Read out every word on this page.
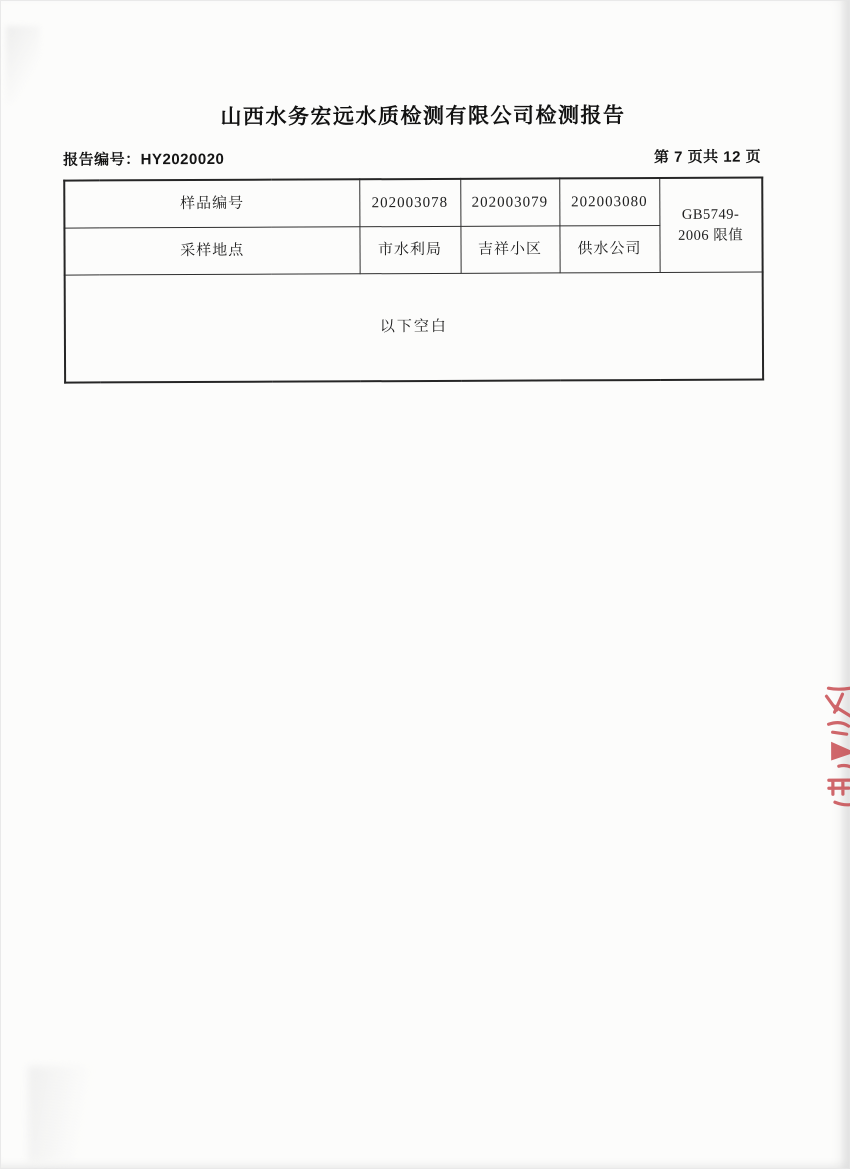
山西水务宏远水质检测有限公司检测报告
报告编号：HY2020020	第 7 页共 12 页
样品编号	202003078	202003079	202003080	GB5749-
2006 限值

采样地点	市水利局	吉祥小区	供水公司	
以下空白				
